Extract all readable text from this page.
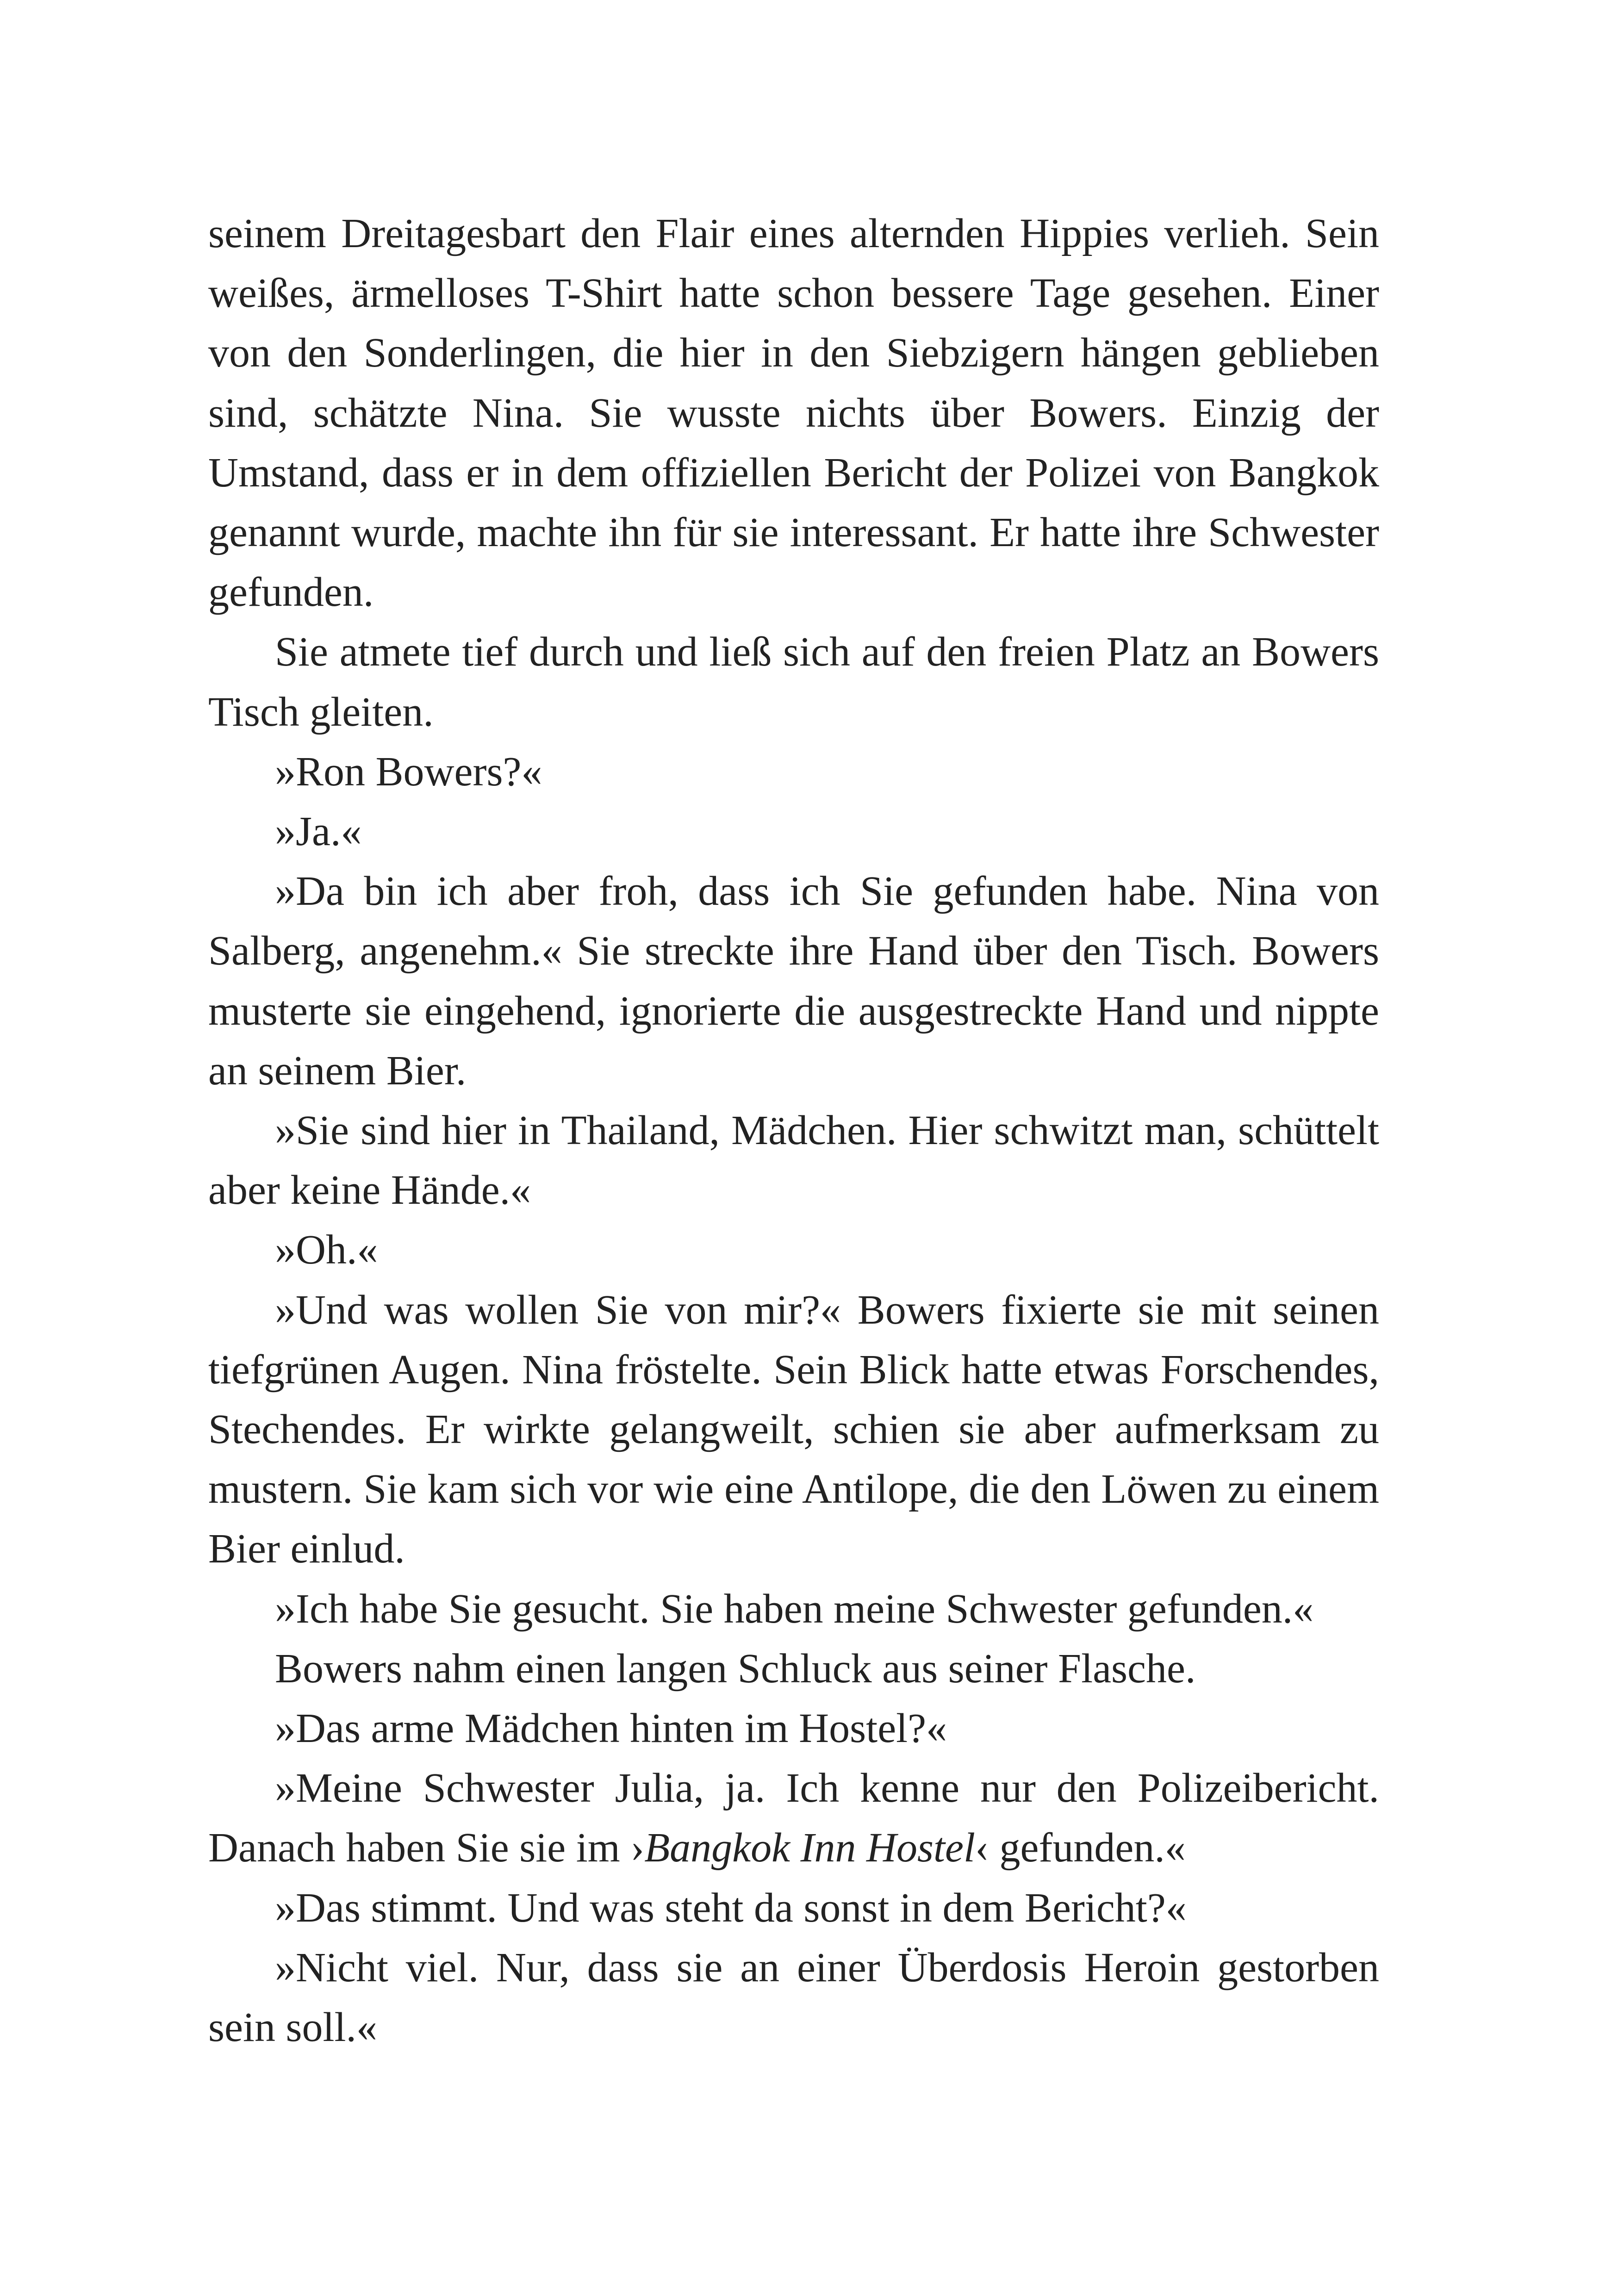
seinem Dreitagesbart den Flair eines alternden Hippies verlieh. Sein weißes, ärmelloses T-Shirt hatte schon bessere Tage gesehen. Einer von den Sonderlingen, die hier in den Siebzigern hängen geblieben sind, schätzte Nina. Sie wusste nichts über Bowers. Einzig der Umstand, dass er in dem offiziellen Bericht der Polizei von Bangkok genannt wurde, machte ihn für sie interessant. Er hatte ihre Schwester gefunden.

Sie atmete tief durch und ließ sich auf den freien Platz an Bowers Tisch gleiten.

»Ron Bowers?«

»Ja.«

»Da bin ich aber froh, dass ich Sie gefunden habe. Nina von Salberg, angenehm.« Sie streckte ihre Hand über den Tisch. Bowers musterte sie eingehend, ignorierte die ausgestreckte Hand und nippte an seinem Bier.

»Sie sind hier in Thailand, Mädchen. Hier schwitzt man, schüttelt aber keine Hände.«

»Oh.«

»Und was wollen Sie von mir?« Bowers fixierte sie mit seinen tiefgrünen Augen. Nina fröstelte. Sein Blick hatte etwas Forschendes, Stechendes. Er wirkte gelangweilt, schien sie aber aufmerksam zu mustern. Sie kam sich vor wie eine Antilope, die den Löwen zu einem Bier einlud.

»Ich habe Sie gesucht. Sie haben meine Schwester gefunden.«

Bowers nahm einen langen Schluck aus seiner Flasche.

»Das arme Mädchen hinten im Hostel?«

»Meine Schwester Julia, ja. Ich kenne nur den Polizeibericht. Danach haben Sie sie im ›Bangkok Inn Hostel‹ gefunden.«

»Das stimmt. Und was steht da sonst in dem Bericht?«

»Nicht viel. Nur, dass sie an einer Überdosis Heroin gestorben sein soll.«
